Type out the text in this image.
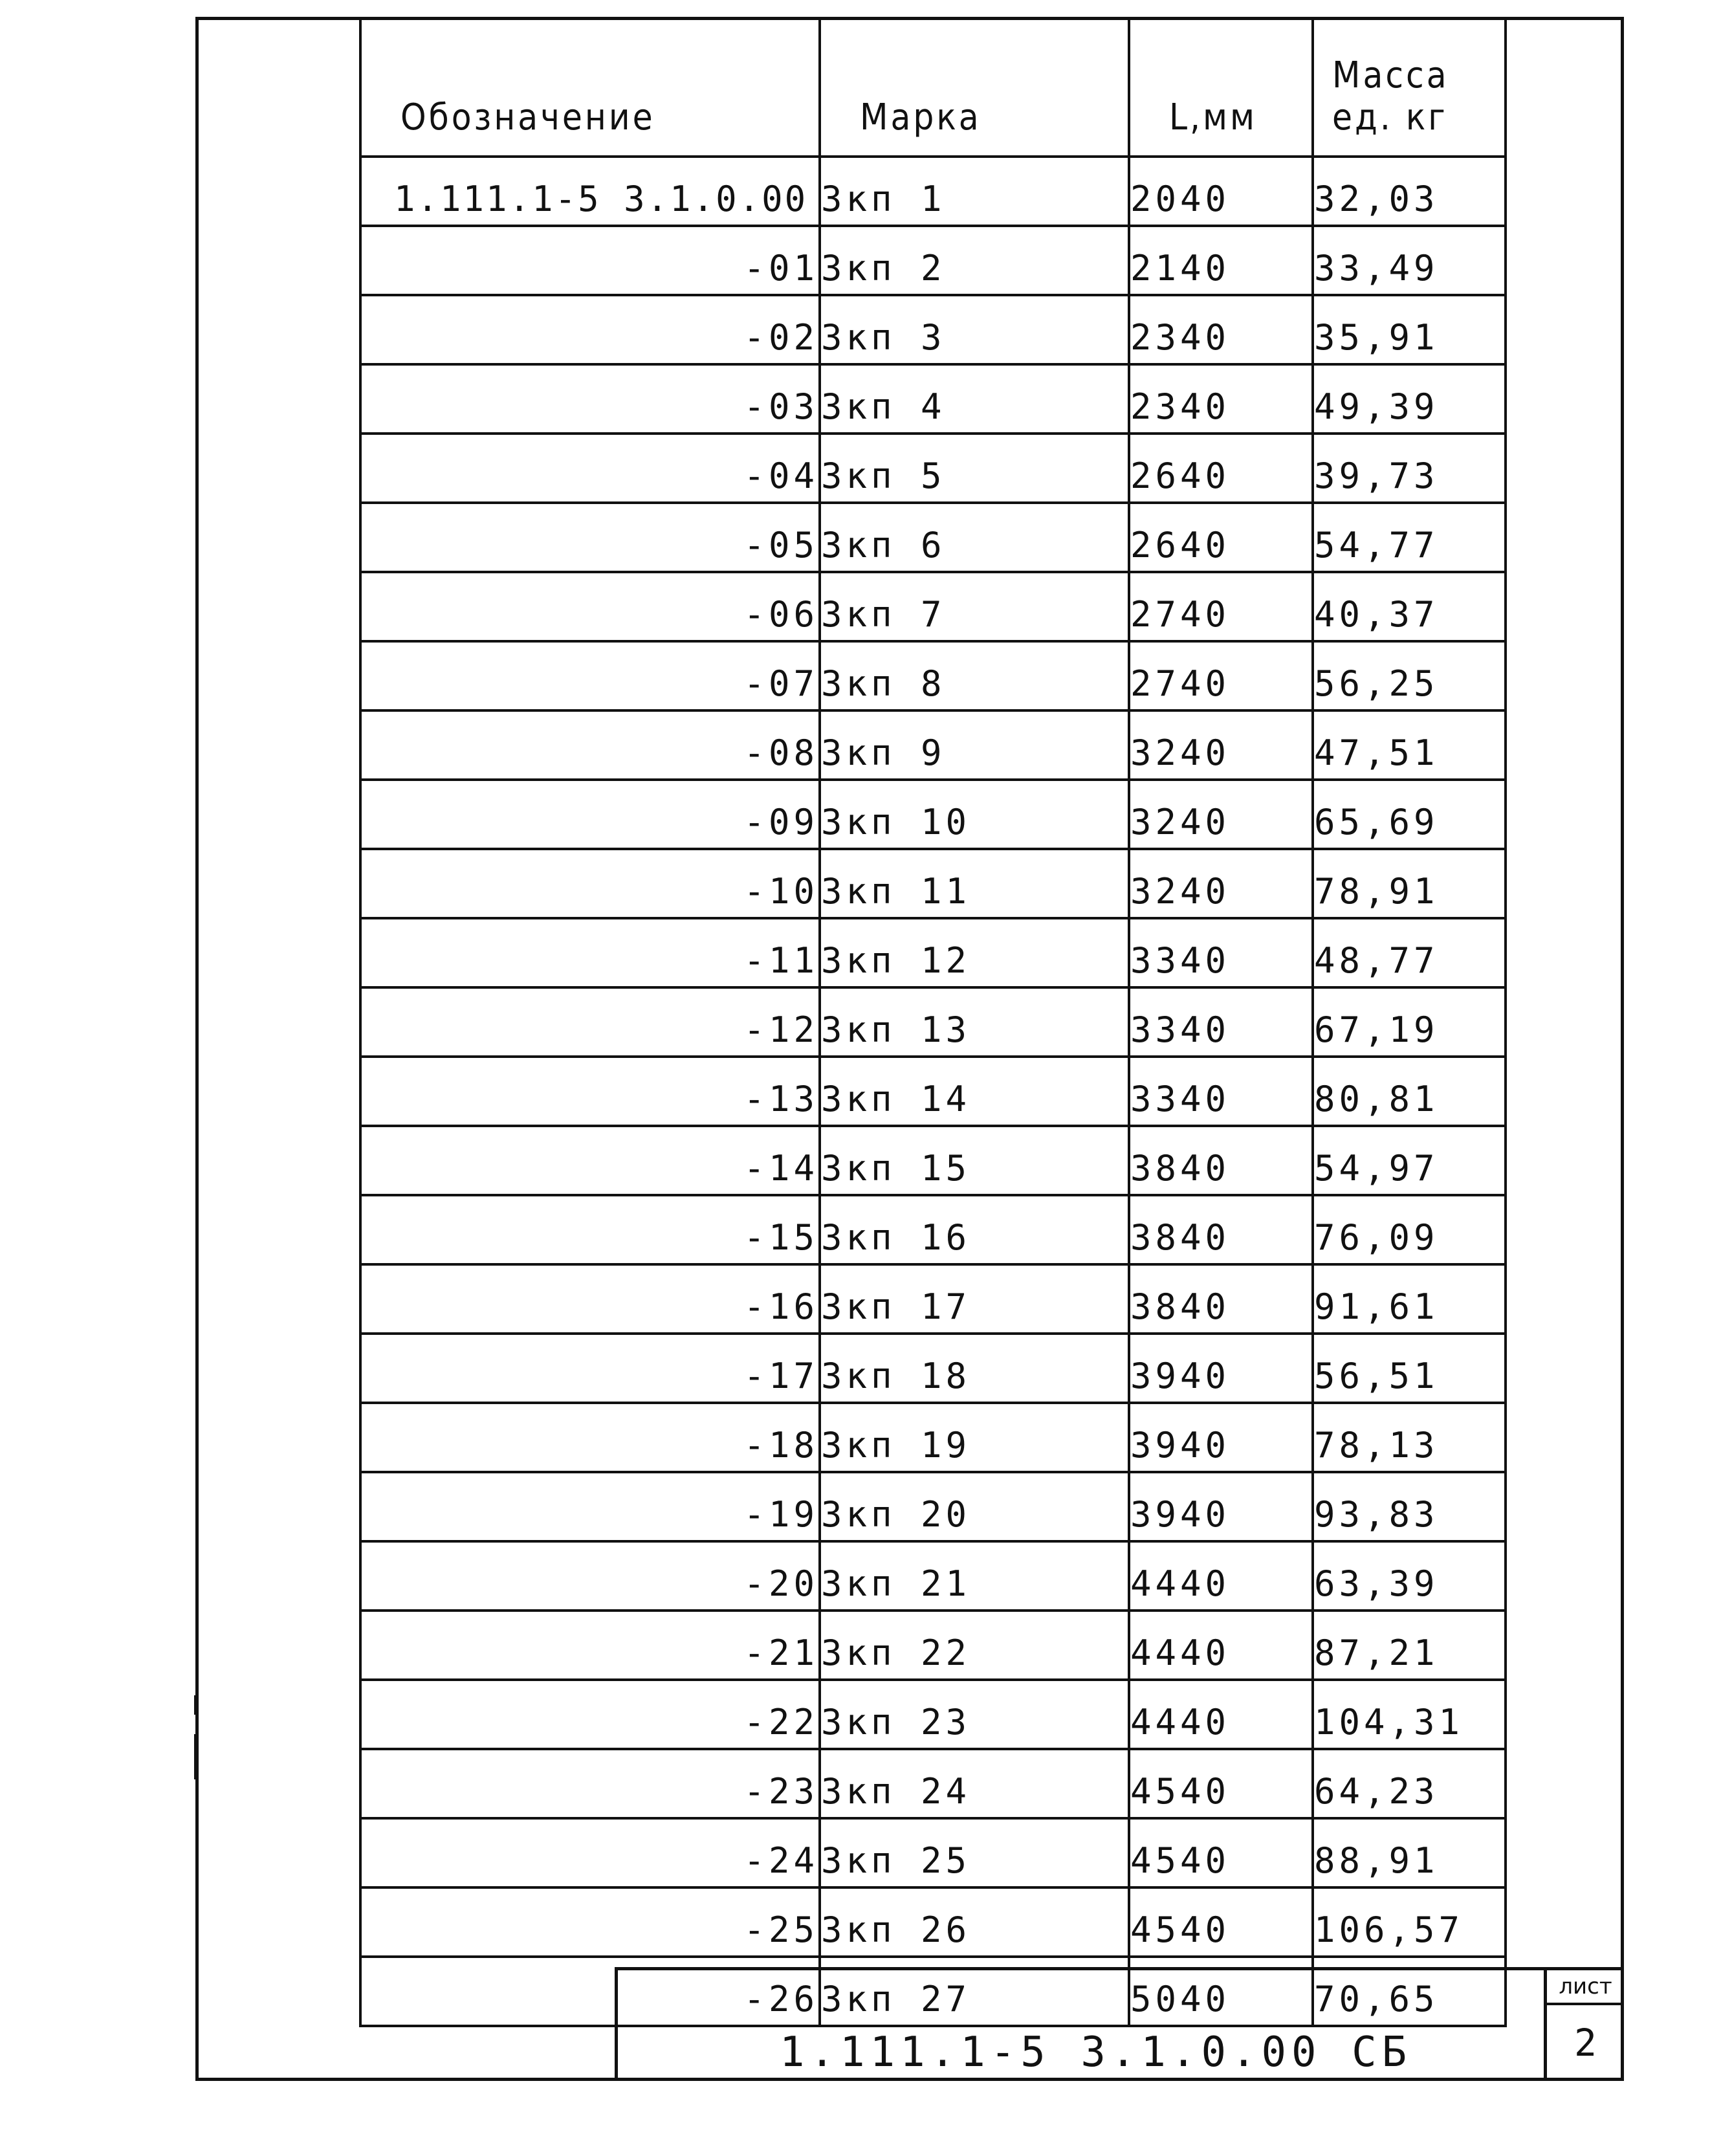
Обозначение	Марка	L,мм	Масса
ед. кг
1.111.1-5 3.1.0.00	3кп 1	2040	32,03
-01	3кп 2	2140	33,49
-02	3кп 3	2340	35,91
-03	3кп 4	2340	49,39
-04	3кп 5	2640	39,73
-05	3кп 6	2640	54,77
-06	3кп 7	2740	40,37
-07	3кп 8	2740	56,25
-08	3кп 9	3240	47,51
-09	3кп 10	3240	65,69
-10	3кп 11	3240	78,91
-11	3кп 12	3340	48,77
-12	3кп 13	3340	67,19
-13	3кп 14	3340	80,81
-14	3кп 15	3840	54,97
-15	3кп 16	3840	76,09
-16	3кп 17	3840	91,61
-17	3кп 18	3940	56,51
-18	3кп 19	3940	78,13
-19	3кп 20	3940	93,83
-20	3кп 21	4440	63,39
-21	3кп 22	4440	87,21
-22	3кп 23	4440	104,31
-23	3кп 24	4540	64,23
-24	3кп 25	4540	88,91
-25	3кп 26	4540	106,57
-26	3кп 27	5040	70,65
1.111.1-5 3.1.0.00 СБ
лист
2
